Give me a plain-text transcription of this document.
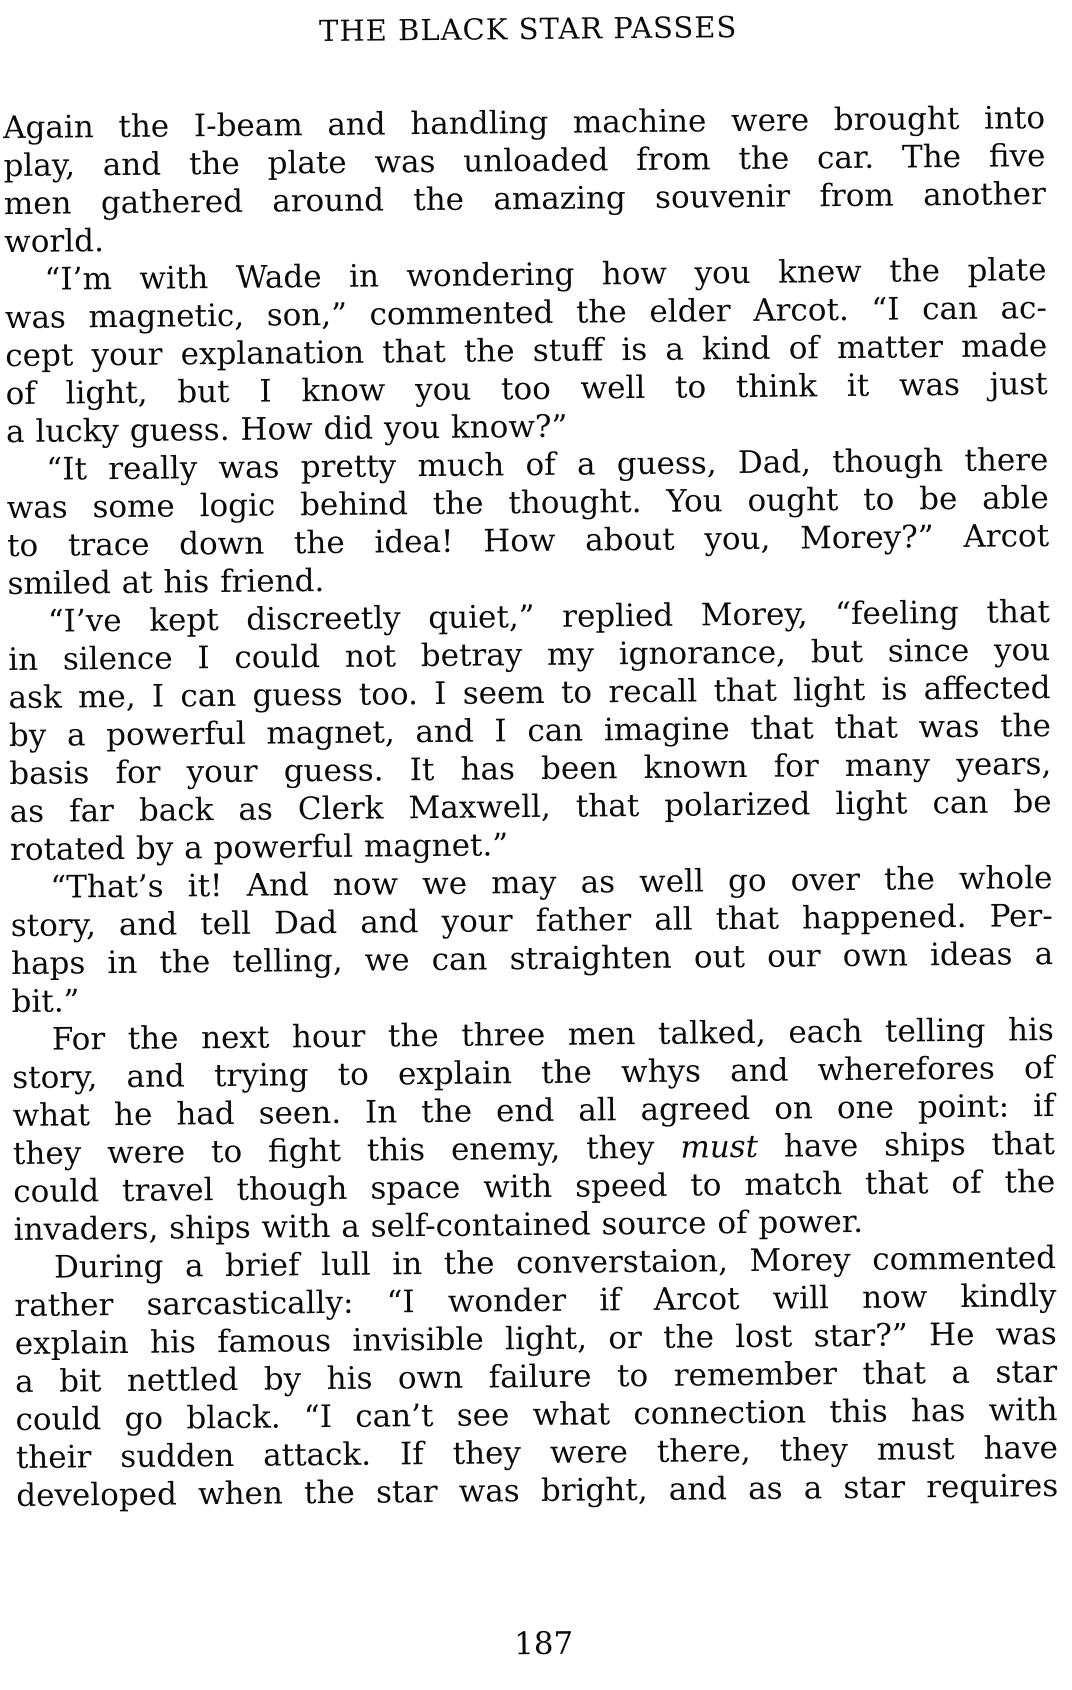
THE BLACK STAR PASSES
Again the I-beam and handling machine were brought into
play, and the plate was unloaded from the car. The five
men gathered around the amazing souvenir from another
world.
“I’m with Wade in wondering how you knew the plate
was magnetic, son,” commented the elder Arcot. “I can ac-
cept your explanation that the stuff is a kind of matter made
of light, but I know you too well to think it was just
a lucky guess. How did you know?”
“It really was pretty much of a guess, Dad, though there
was some logic behind the thought. You ought to be able
to trace down the idea! How about you, Morey?” Arcot
smiled at his friend.
“I’ve kept discreetly quiet,” replied Morey, “feeling that
in silence I could not betray my ignorance, but since you
ask me, I can guess too. I seem to recall that light is affected
by a powerful magnet, and I can imagine that that was the
basis for your guess. It has been known for many years,
as far back as Clerk Maxwell, that polarized light can be
rotated by a powerful magnet.”
“That’s it! And now we may as well go over the whole
story, and tell Dad and your father all that happened. Per-
haps in the telling, we can straighten out our own ideas a
bit.”
For the next hour the three men talked, each telling his
story, and trying to explain the whys and wherefores of
what he had seen. In the end all agreed on one point: if
they were to fight this enemy, they must have ships that
could travel though space with speed to match that of the
invaders, ships with a self-contained source of power.
During a brief lull in the converstaion, Morey commented
rather sarcastically: “I wonder if Arcot will now kindly
explain his famous invisible light, or the lost star?” He was
a bit nettled by his own failure to remember that a star
could go black. “I can’t see what connection this has with
their sudden attack. If they were there, they must have
developed when the star was bright, and as a star requires
187
